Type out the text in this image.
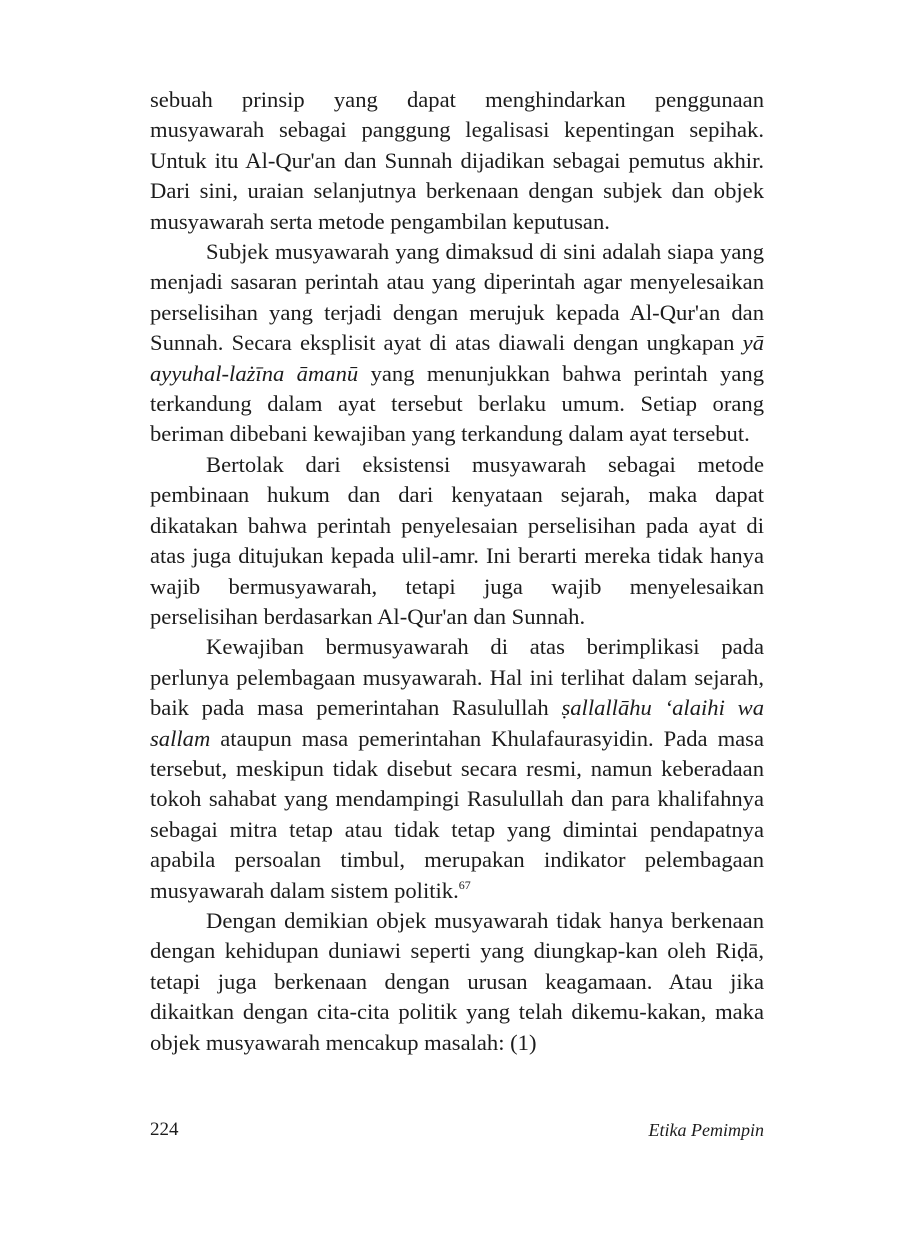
sebuah prinsip yang dapat menghindarkan penggunaan musyawarah sebagai panggung legalisasi kepentingan sepihak. Untuk itu Al-Qur'an dan Sunnah dijadikan sebagai pemutus akhir. Dari sini, uraian selanjutnya berkenaan dengan subjek dan objek musyawarah serta metode pengambilan keputusan.

Subjek musyawarah yang dimaksud di sini adalah siapa yang menjadi sasaran perintah atau yang diperintah agar menyelesaikan perselisihan yang terjadi dengan merujuk kepada Al-Qur'an dan Sunnah. Secara eksplisit ayat di atas diawali dengan ungkapan yā ayyuhal-lażīna āmanū yang menunjukkan bahwa perintah yang terkandung dalam ayat tersebut berlaku umum. Setiap orang beriman dibebani kewajiban yang terkandung dalam ayat tersebut.

Bertolak dari eksistensi musyawarah sebagai metode pembinaan hukum dan dari kenyataan sejarah, maka dapat dikatakan bahwa perintah penyelesaian perselisihan pada ayat di atas juga ditujukan kepada ulil-amr. Ini berarti mereka tidak hanya wajib bermusyawarah, tetapi juga wajib menyelesaikan perselisihan berdasarkan Al-Qur'an dan Sunnah.

Kewajiban bermusyawarah di atas berimplikasi pada perlunya pelembagaan musyawarah. Hal ini terlihat dalam sejarah, baik pada masa pemerintahan Rasulullah ṣallallāhu ‘alaihi wa sallam ataupun masa pemerintahan Khulafaurasyidin. Pada masa tersebut, meskipun tidak disebut secara resmi, namun keberadaan tokoh sahabat yang mendampingi Rasulullah dan para khalifahnya sebagai mitra tetap atau tidak tetap yang dimintai pendapatnya apabila persoalan timbul, merupakan indikator pelembagaan musyawarah dalam sistem politik.$^{67}$

Dengan demikian objek musyawarah tidak hanya berkenaan dengan kehidupan duniawi seperti yang diungkap-kan oleh Riḍā, tetapi juga berkenaan dengan urusan keagamaan. Atau jika dikaitkan dengan cita-cita politik yang telah dikemu-kakan, maka objek musyawarah mencakup masalah: (1)

224	Etika Pemimpin
